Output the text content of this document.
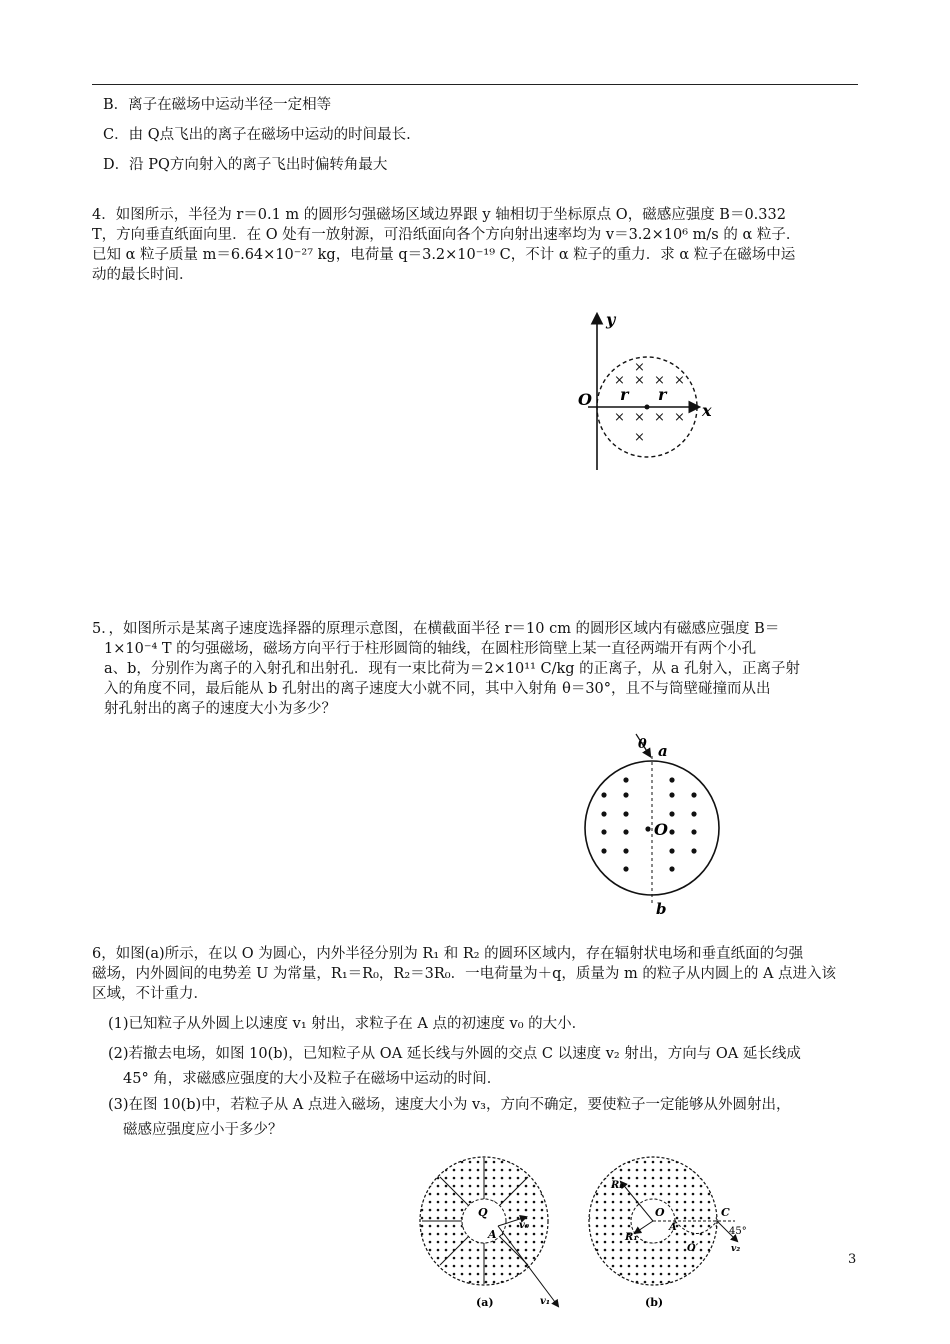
B．离子在磁场中运动半径一定相等
C．由 Q点飞出的离子在磁场中运动的时间最长.
D．沿 PQ方向射入的离子飞出时偏转角最大
4．如图所示，半径为 r＝0.1 m 的圆形匀强磁场区域边界跟 y 轴相切于坐标原点 O，磁感应强度 B＝0.332
T，方向垂直纸面向里．在 O 处有一放射源，可沿纸面向各个方向射出速率均为 v＝3.2×10⁶ m/s 的 α 粒子．
已知 α 粒子质量 m＝6.64×10⁻²⁷ kg，电荷量 q＝3.2×10⁻¹⁹ C，不计 α 粒子的重力．求 α 粒子在磁场中运
动的最长时间．
y
x
O r r
×
× × × ×
× × × ×
×
5．，如图所示是某离子速度选择器的原理示意图，在横截面半径 r＝10 cm 的圆形区域内有磁感应强度 B＝
1×10⁻⁴ T 的匀强磁场，磁场方向平行于柱形圆筒的轴线，在圆柱形筒壁上某一直径两端开有两个小孔
a、b，分别作为离子的入射孔和出射孔．现有一束比荷为＝2×10¹¹ C/kg 的正离子，从 a 孔射入，正离子射
入的角度不同，最后能从 b 孔射出的离子速度大小就不同，其中入射角 θ＝30°，且不与筒壁碰撞而从出
射孔射出的离子的速度大小为多少？
θ a
b
O
6，如图(a)所示，在以 O 为圆心，内外半径分别为 R₁ 和 R₂ 的圆环区域内，存在辐射状电场和垂直纸面的匀强
磁场，内外圆间的电势差 U 为常量，R₁＝R₀，R₂＝3R₀．一电荷量为＋q，质量为 m 的粒子从内圆上的 A 点进入该
区域，不计重力．
(1)已知粒子从外圆上以速度 v₁ 射出，求粒子在 A 点的初速度 v₀ 的大小．
(2)若撤去电场，如图 10(b)，已知粒子从 OA 延长线与外圆的交点 C 以速度 v₂ 射出，方向与 OA 延长线成
45° 角，求磁感应强度的大小及粒子在磁场中运动的时间．
(3)在图 10(b)中，若粒子从 A 点进入磁场，速度大小为 v₃，方向不确定，要使粒子一定能够从外圆射出，
磁感应强度应小于多少？
Q
A
v₀
v₁
(a)
R₂
R₁
O
A
C
45°
O′	v₂
(b)
3
